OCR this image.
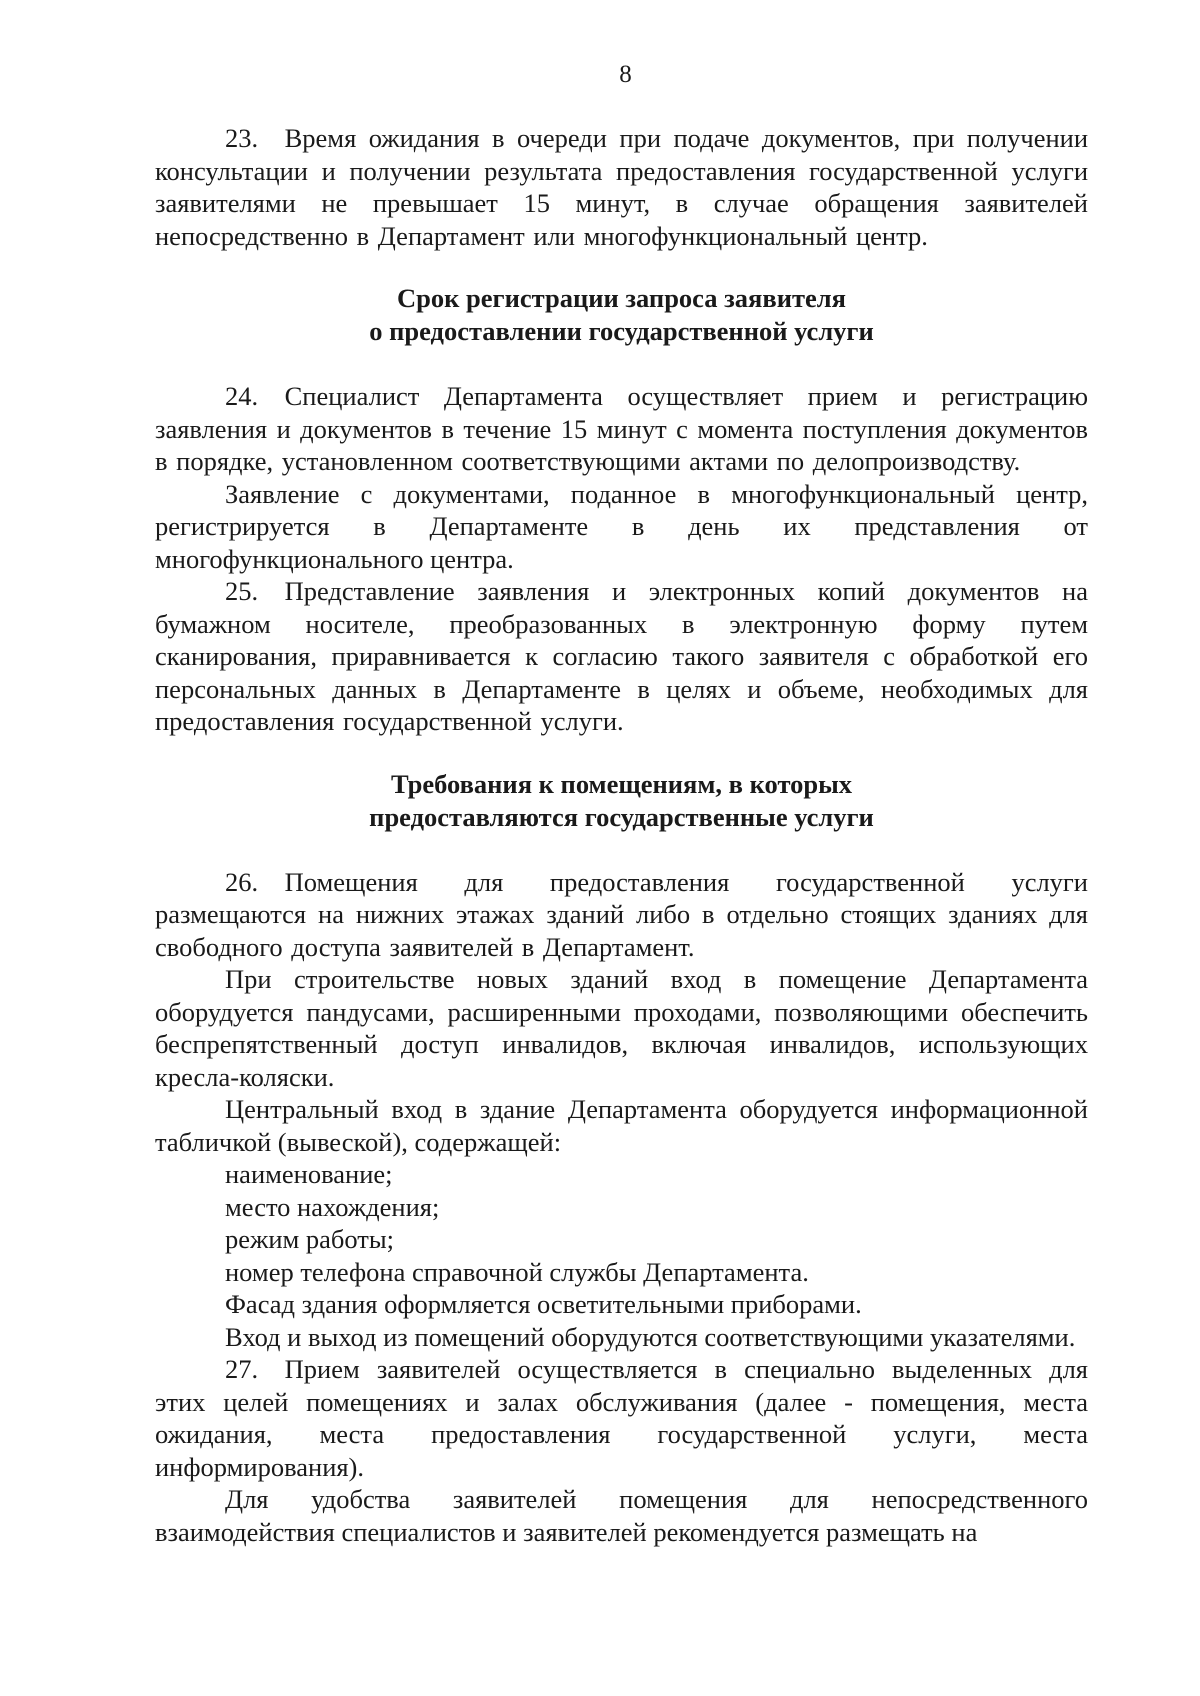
8

23. Время ожидания в очереди при подаче документов, при получении консультации и получении результата предоставления государственной услуги заявителями не превышает 15 минут, в случае обращения заявителей непосредственно в Департамент или многофункциональный центр.

Срок регистрации запроса заявителя
о предоставлении государственной услуги

24. Специалист Департамента осуществляет прием и регистрацию заявления и документов в течение 15 минут с момента поступления документов в порядке, установленном соответствующими актами по делопроизводству.

Заявление с документами, поданное в многофункциональный центр, регистрируется в Департаменте в день их представления от многофункционального центра.

25. Представление заявления и электронных копий документов на бумажном носителе, преобразованных в электронную форму путем сканирования, приравнивается к согласию такого заявителя с обработкой его персональных данных в Департаменте в целях и объеме, необходимых для предоставления государственной услуги.

Требования к помещениям, в которых
предоставляются государственные услуги

26. Помещения для предоставления государственной услуги размещаются на нижних этажах зданий либо в отдельно стоящих зданиях для свободного доступа заявителей в Департамент.

При строительстве новых зданий вход в помещение Департамента оборудуется пандусами, расширенными проходами, позволяющими обеспечить беспрепятственный доступ инвалидов, включая инвалидов, использующих кресла-коляски.

Центральный вход в здание Департамента оборудуется информационной табличкой (вывеской), содержащей:

наименование;

место нахождения;

режим работы;

номер телефона справочной службы Департамента.

Фасад здания оформляется осветительными приборами.

Вход и выход из помещений оборудуются соответствующими указателями.

27. Прием заявителей осуществляется в специально выделенных для этих целей помещениях и залах обслуживания (далее - помещения, места ожидания, места предоставления государственной услуги, места информирования).

Для удобства заявителей помещения для непосредственного взаимодействия специалистов и заявителей рекомендуется размещать на
